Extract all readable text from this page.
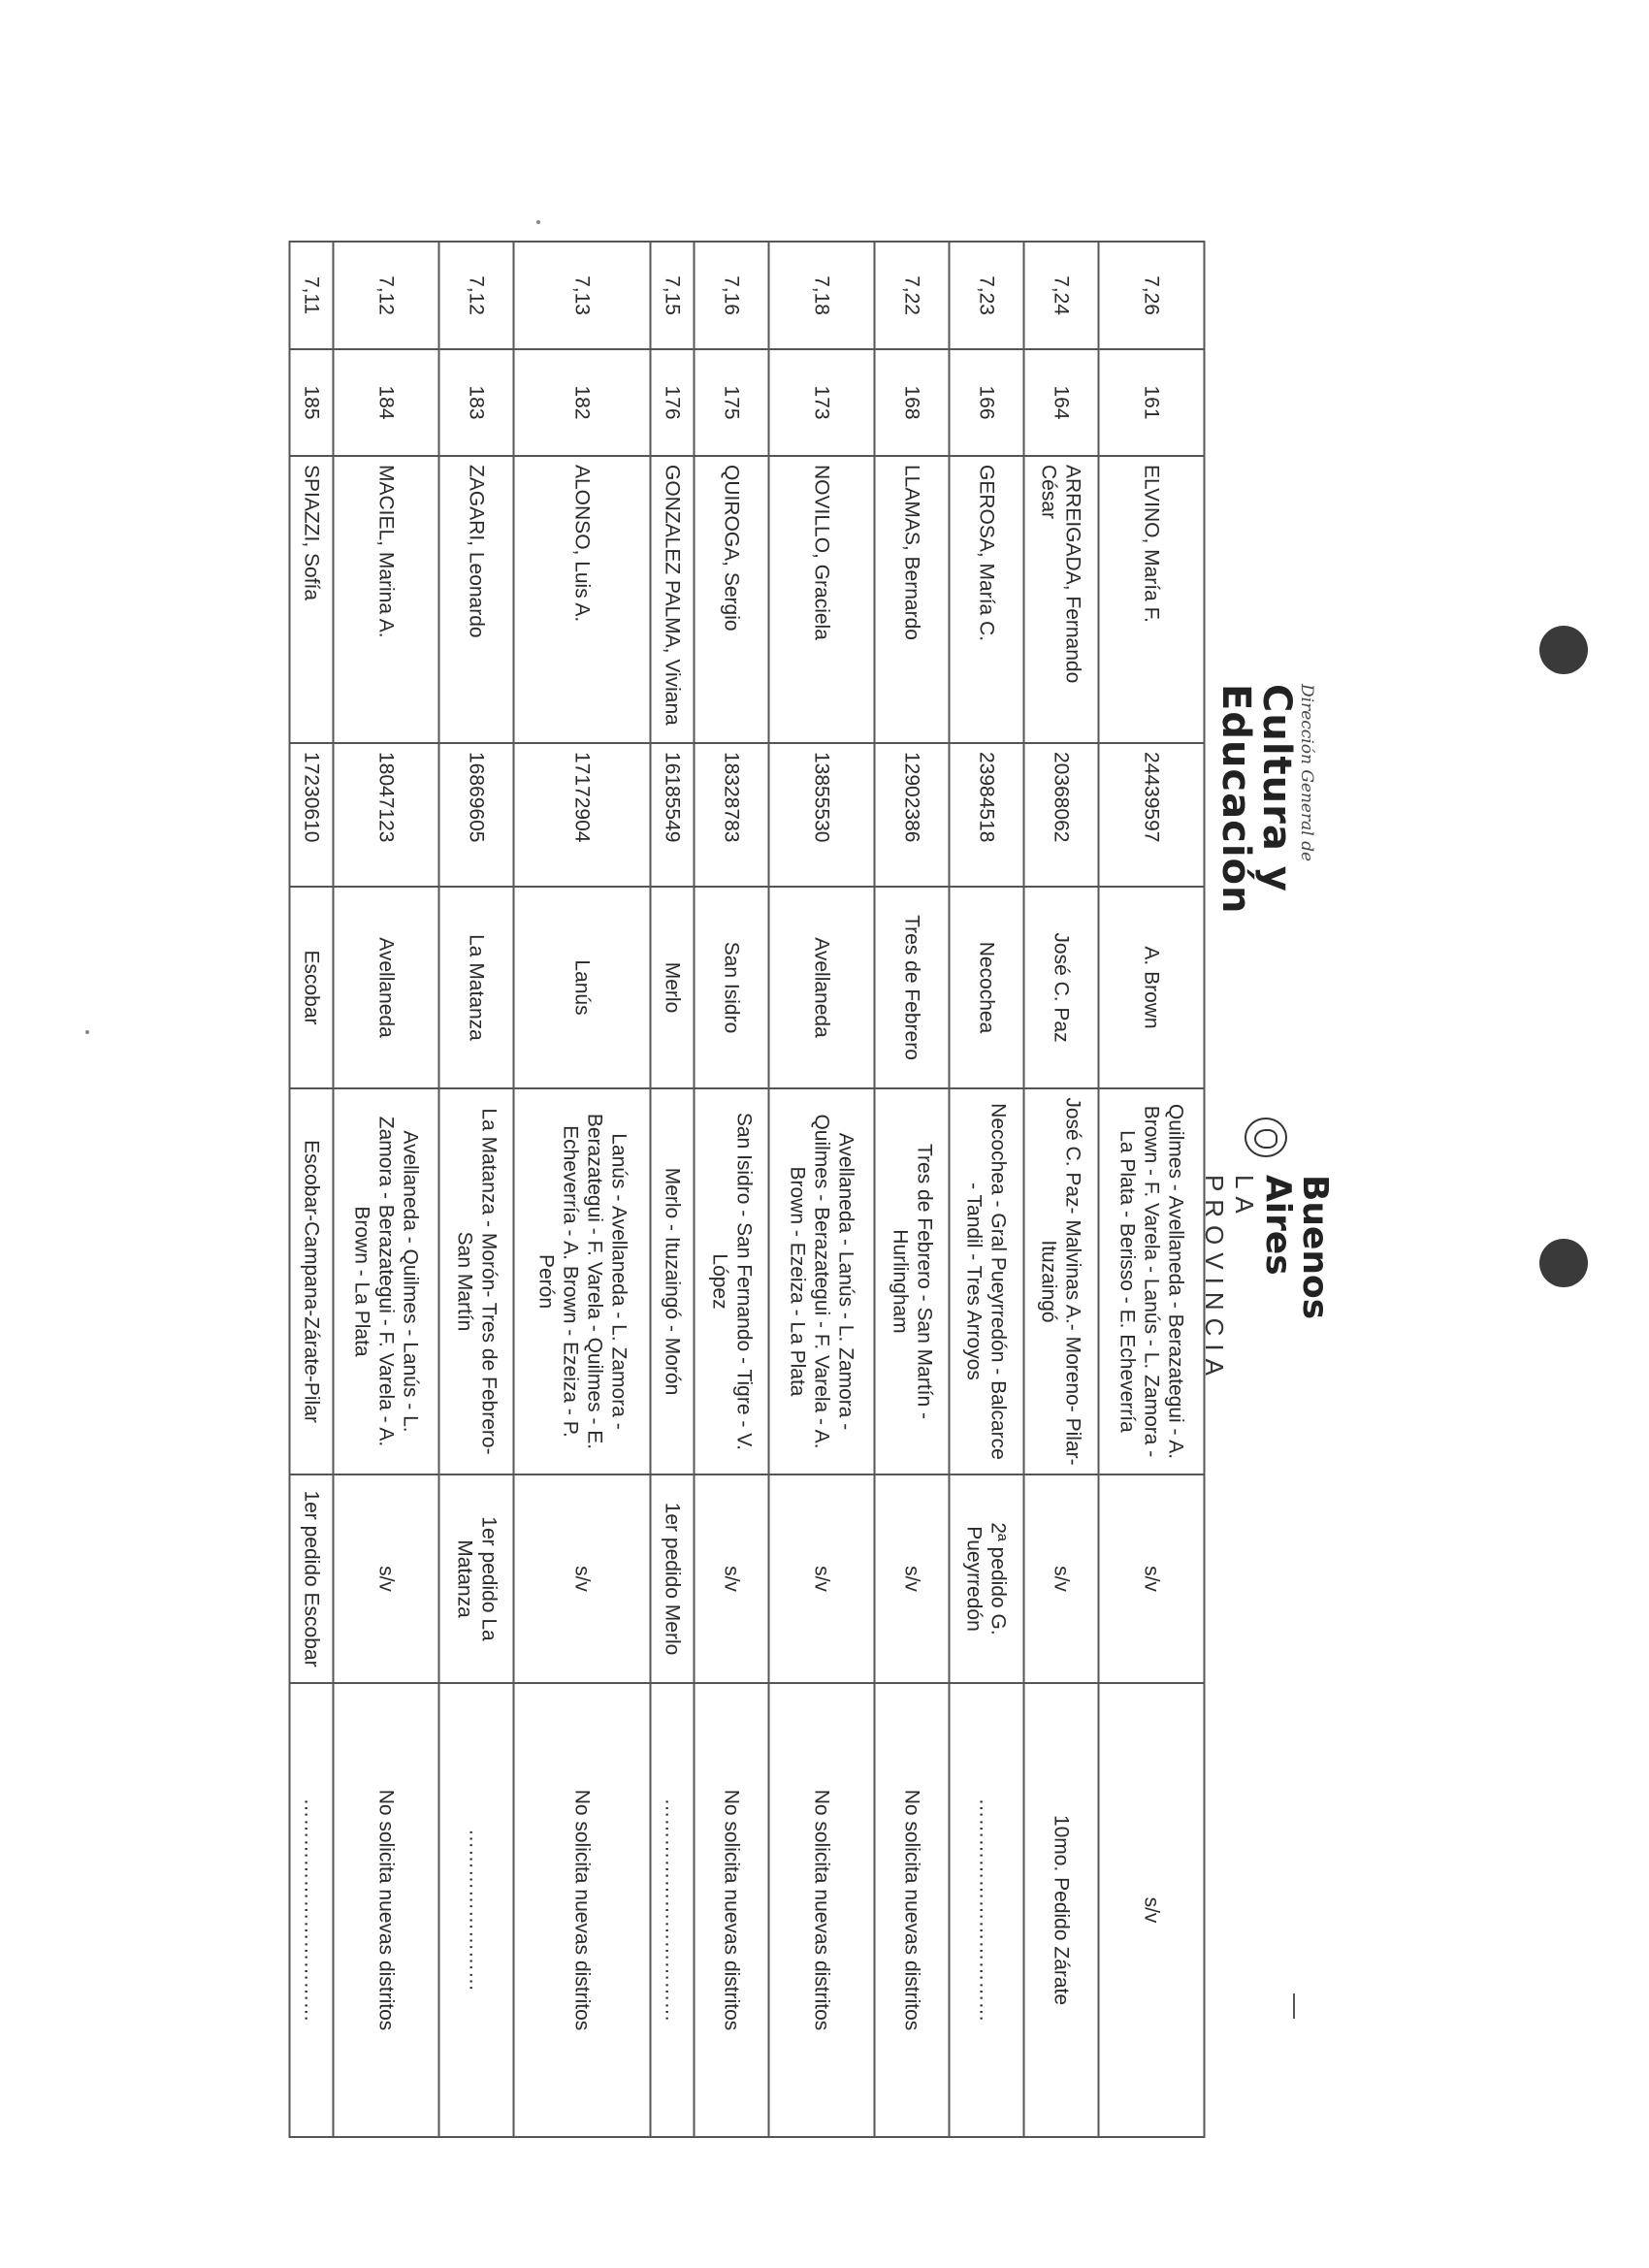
Dirección General de
Cultura y Educación
Buenos Aires
LA PROVINCIA
7,26	161	ELVINO, María F.	24439597	A. Brown	Quilmes - Avellaneda - Berazategui - A. Brown - F. Varela - Lanús - L. Zamora - La Plata - Berisso - E. Echeverría	s/v	s/v
7,24	164	ARREIGADA, Fernando César	20368062	José C. Paz	José C. Paz- Malvinas A.- Moreno- Pilar- Ituzaingó	s/v	10mo. Pedido Zárate
7,23	166	GEROSA, María C.	23984518	Necochea	Necochea - Gral Pueyrredón - Balcarce - Tandil - Tres Arroyos	2ª pedido G. Pueyrredón	……………………………
7,22	168	LLAMAS, Bernardo	12902386	Tres de Febrero	Tres de Febrero - San Martín - Hurlingham	s/v	No solicita nuevas distritos
7,18	173	NOVILLO, Graciela	13855530	Avellaneda	Avellaneda - Lanús - L. Zamora - Quilmes - Berazategui - F. Varela - A. Brown - Ezeiza - La Plata	s/v	No solicita nuevas distritos
7,16	175	QUIROGA, Sergio	18328783	San Isidro	San Isidro - San Fernando - Tigre - V. López	s/v	No solicita nuevas distritos
7,15	176	GONZALEZ PALMA, Viviana	16185549	Merlo	Merlo - Ituzaingó - Morón	1er pedido Merlo	……………………………
7,13	182	ALONSO, Luis A.	17172904	Lanús	Lanús - Avellaneda - L. Zamora - Berazategui - F. Varela - Quilmes - E. Echeverría - A. Brown - Ezeiza - P. Perón	s/v	No solicita nuevas distritos
7,12	183	ZAGARI, Leonardo	16869605	La Matanza	La Matanza - Morón- Tres de Febrero- San Martín	1er pedido La Matanza	……………………
7,12	184	MACIEL, Marina A.	18047123	Avellaneda	Avellaneda - Quilmes - Lanús - L. Zamora - Berazategui - F. Varela - A. Brown - La Plata	s/v	No solicita nuevas distritos
7,11	185	SPIAZZI, Sofía	17230610	Escobar	Escobar-Campana-Zárate-Pilar	1er pedido Escobar	……………………………
